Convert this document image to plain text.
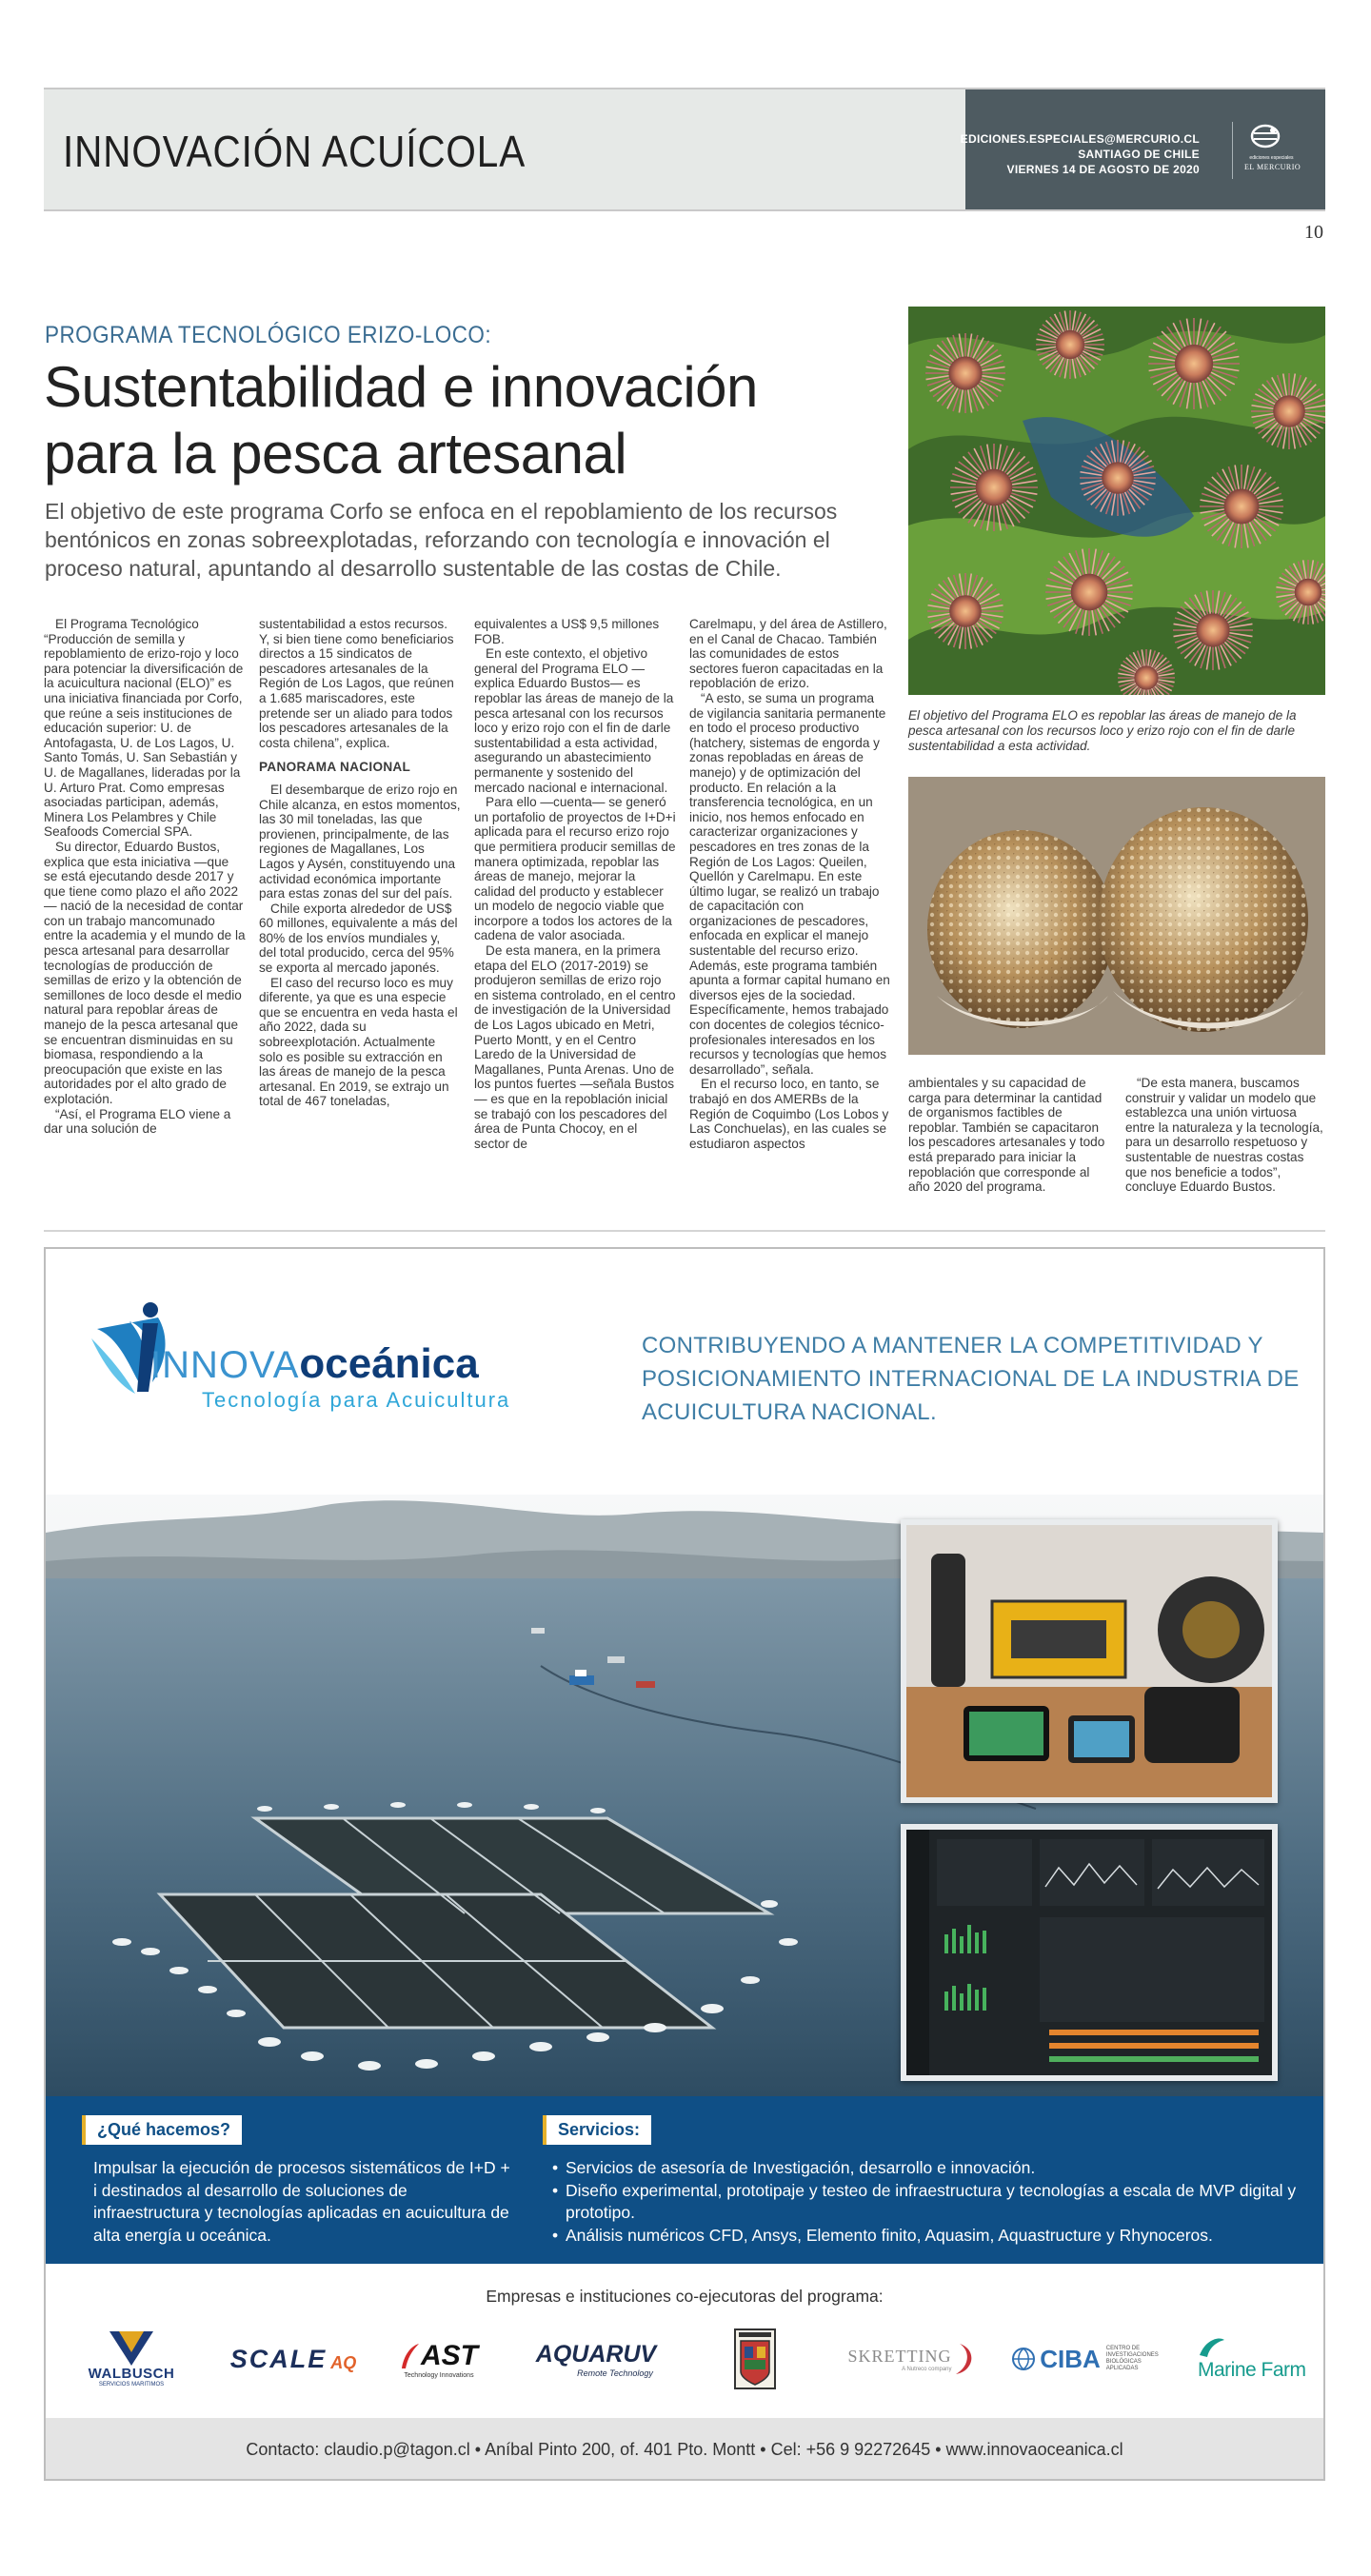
INNOVACIÓN ACUÍCOLA	EDICIONES.ESPECIALES@MERCURIO.CL
SANTIAGO DE CHILE
VIERNES 14 DE AGOSTO DE 2020
ediciones especiales
EL MERCURIO
10
PROGRAMA TECNOLÓGICO ERIZO-LOCO:
Sustentabilidad e innovación
para la pesca artesanal

El objetivo de este programa Corfo se enfoca en el repoblamiento de los recursos bentónicos en zonas sobreexplotadas, reforzando con tecnología e innovación el proceso natural, apuntando al desarrollo sustentable de las costas de Chile.

El Programa Tecnológico “Producción de semilla y repoblamiento de erizo-rojo y loco para potenciar la diversificación de la acuicultura nacional (ELO)” es una iniciativa financiada por Corfo, que reúne a seis instituciones de educación superior: U. de Antofagasta, U. de Los Lagos, U. Santo Tomás, U. San Sebastián y U. de Magallanes, lideradas por la U. Arturo Prat. Como empresas asociadas participan, además, Minera Los Pelambres y Chile Seafoods Comercial SPA.

Su director, Eduardo Bustos, explica que esta iniciativa —que se está ejecutando desde 2017 y que tiene como plazo el año 2022— nació de la necesidad de contar con un trabajo mancomunado entre la academia y el mundo de la pesca artesanal para desarrollar tecnologías de producción de semillas de erizo y la obtención de semillones de loco desde el medio natural para repoblar áreas de manejo de la pesca artesanal que se encuentran disminuidas en su biomasa, respondiendo a la preocupación que existe en las autoridades por el alto grado de explotación.

“Así, el Programa ELO viene a dar una solución de

sustentabilidad a estos recursos. Y, si bien tiene como beneficiarios directos a 15 sindicatos de pescadores artesanales de la Región de Los Lagos, que reúnen a 1.685 mariscadores, este pretende ser un aliado para todos los pescadores artesanales de la costa chilena”, explica.

PANORAMA NACIONAL

El desembarque de erizo rojo en Chile alcanza, en estos momentos, las 30 mil toneladas, las que provienen, principalmente, de las regiones de Magallanes, Los Lagos y Aysén, constituyendo una actividad económica importante para estas zonas del sur del país.

Chile exporta alrededor de US$ 60 millones, equivalente a más del 80% de los envíos mundiales y, del total producido, cerca del 95% se exporta al mercado japonés.

El caso del recurso loco es muy diferente, ya que es una especie que se encuentra en veda hasta el año 2022, dada su sobreexplotación. Actualmente solo es posible su extracción en las áreas de manejo de la pesca artesanal. En 2019, se extrajo un total de 467 toneladas,

equivalentes a US$ 9,5 millones FOB.

En este contexto, el objetivo general del Programa ELO —explica Eduardo Bustos— es repoblar las áreas de manejo de la pesca artesanal con los recursos loco y erizo rojo con el fin de darle sustentabilidad a esta actividad, asegurando un abastecimiento permanente y sostenido del mercado nacional e internacional.

Para ello —cuenta— se generó un portafolio de proyectos de I+D+i aplicada para el recurso erizo rojo que permitiera producir semillas de manera optimizada, repoblar las áreas de manejo, mejorar la calidad del producto y establecer un modelo de negocio viable que incorpore a todos los actores de la cadena de valor asociada.

De esta manera, en la primera etapa del ELO (2017-2019) se produjeron semillas de erizo rojo en sistema controlado, en el centro de investigación de la Universidad de Los Lagos ubicado en Metri, Puerto Montt, y en el Centro Laredo de la Universidad de Magallanes, Punta Arenas. Uno de los puntos fuertes —señala Bustos— es que en la repoblación inicial se trabajó con los pescadores del área de Punta Chocoy, en el sector de

Carelmapu, y del área de Astillero, en el Canal de Chacao. También las comunidades de estos sectores fueron capacitadas en la repoblación de erizo.

“A esto, se suma un programa de vigilancia sanitaria permanente en todo el proceso productivo (hatchery, sistemas de engorda y zonas repobladas en áreas de manejo) y de optimización del producto. En relación a la transferencia tecnológica, en un inicio, nos hemos enfocado en caracterizar organizaciones y pescadores en tres zonas de la Región de Los Lagos: Queilen, Quellón y Carelmapu. En este último lugar, se realizó un trabajo de capacitación con organizaciones de pescadores, enfocada en explicar el manejo sustentable del recurso erizo. Además, este programa también apunta a formar capital humano en diversos ejes de la sociedad. Específicamente, hemos trabajado con docentes de colegios técnico-profesionales interesados en los recursos y tecnologías que hemos desarrollado”, señala.

En el recurso loco, en tanto, se trabajó en dos AMERBs de la Región de Coquimbo (Los Lobos y Las Conchuelas), en las cuales se estudiaron aspectos

ambientales y su capacidad de carga para determinar la cantidad de organismos factibles de repoblar. También se capacitaron los pescadores artesanales y todo está preparado para iniciar la repoblación que corresponde al año 2020 del programa.

“De esta manera, buscamos construir y validar un modelo que establezca una unión virtuosa entre la naturaleza y la tecnología, para un desarrollo respetuoso y sustentable de nuestras costas que nos beneficie a todos”, concluye Eduardo Bustos.

El objetivo del Programa ELO es repoblar las áreas de manejo de la pesca artesanal con los recursos loco y erizo rojo con el fin de darle sustentabilidad a esta actividad.
INNOVAoceánica
Tecnología para Acuicultura
CONTRIBUYENDO A MANTENER LA COMPETITIVIDAD Y POSICIONAMIENTO INTERNACIONAL DE LA INDUSTRIA DE ACUICULTURA NACIONAL.
¿Qué hacemos?
Impulsar la ejecución de procesos sistemáticos de I+D + i destinados al desarrollo de soluciones de infraestructura y tecnologías aplicadas en acuicultura de alta energía u oceánica.
Servicios:
• Servicios de asesoría de Investigación, desarrollo e innovación.
• Diseño experimental, prototipaje y testeo de infraestructura y tecnologías a escala de MVP digital y prototipo.
• Análisis numéricos CFD, Ansys, Elemento finito, Aquasim, Aquastructure y Rhynoceros.
Empresas e instituciones co-ejecutoras del programa:
WALBUSCH
SERVICIOS MARITIMOS
SCALE AQ AST
Technology Innovations
AQUARUV
Remote Technology
SKRETTING
A Nutreco company	CIBA CENTRO DE INVESTIGACIONES BIOLÓGICAS APLICADAS	Marine Farm
Contacto: claudio.p@tagon.cl • Aníbal Pinto 200, of. 401 Pto. Montt • Cel: +56 9 92272645 • www.innovaoceanica.cl
